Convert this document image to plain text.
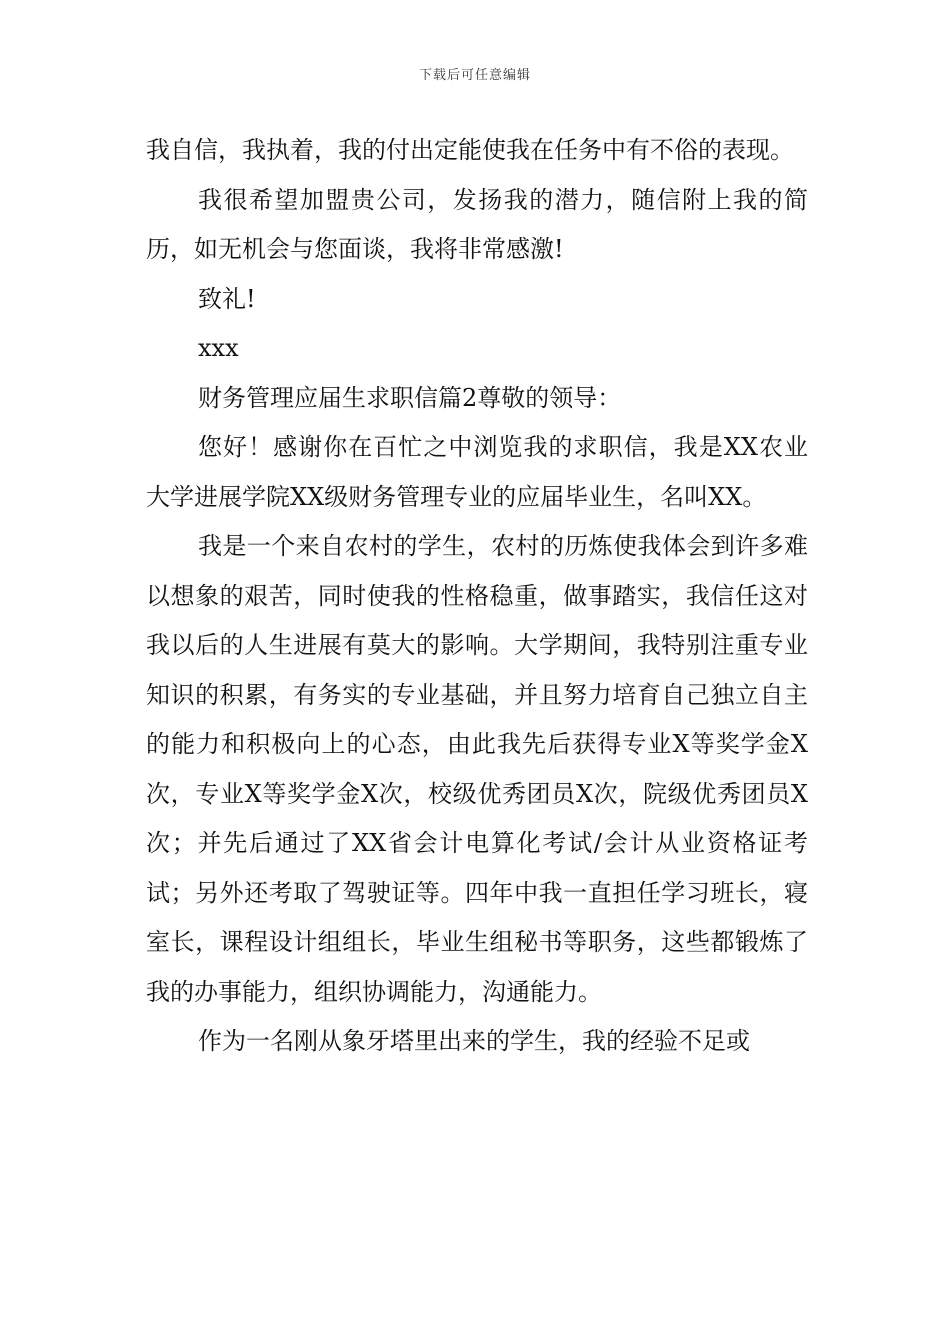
下载后可任意编辑

我自信，我执着，我的付出定能使我在任务中有不俗的表现。

我很希望加盟贵公司，发扬我的潜力，随信附上我的简历，如无机会与您面谈，我将非常感激!

致礼!

xxx

财务管理应届生求职信篇2尊敬的领导：

您好！感谢你在百忙之中浏览我的求职信，我是XX农业大学进展学院XX级财务管理专业的应届毕业生，名叫XX。

我是一个来自农村的学生，农村的历炼使我体会到许多难以想象的艰苦，同时使我的性格稳重，做事踏实，我信任这对我以后的人生进展有莫大的影响。大学期间，我特别注重专业知识的积累，有务实的专业基础，并且努力培育自己独立自主的能力和积极向上的心态，由此我先后获得专业X等奖学金X次，专业X等奖学金X次，校级优秀团员X次，院级优秀团员X次；并先后通过了XX省会计电算化考试/会计从业资格证考试；另外还考取了驾驶证等。四年中我一直担任学习班长，寝室长，课程设计组组长，毕业生组秘书等职务，这些都锻炼了我的办事能力，组织协调能力，沟通能力。

作为一名刚从象牙塔里出来的学生，我的经验不足或
